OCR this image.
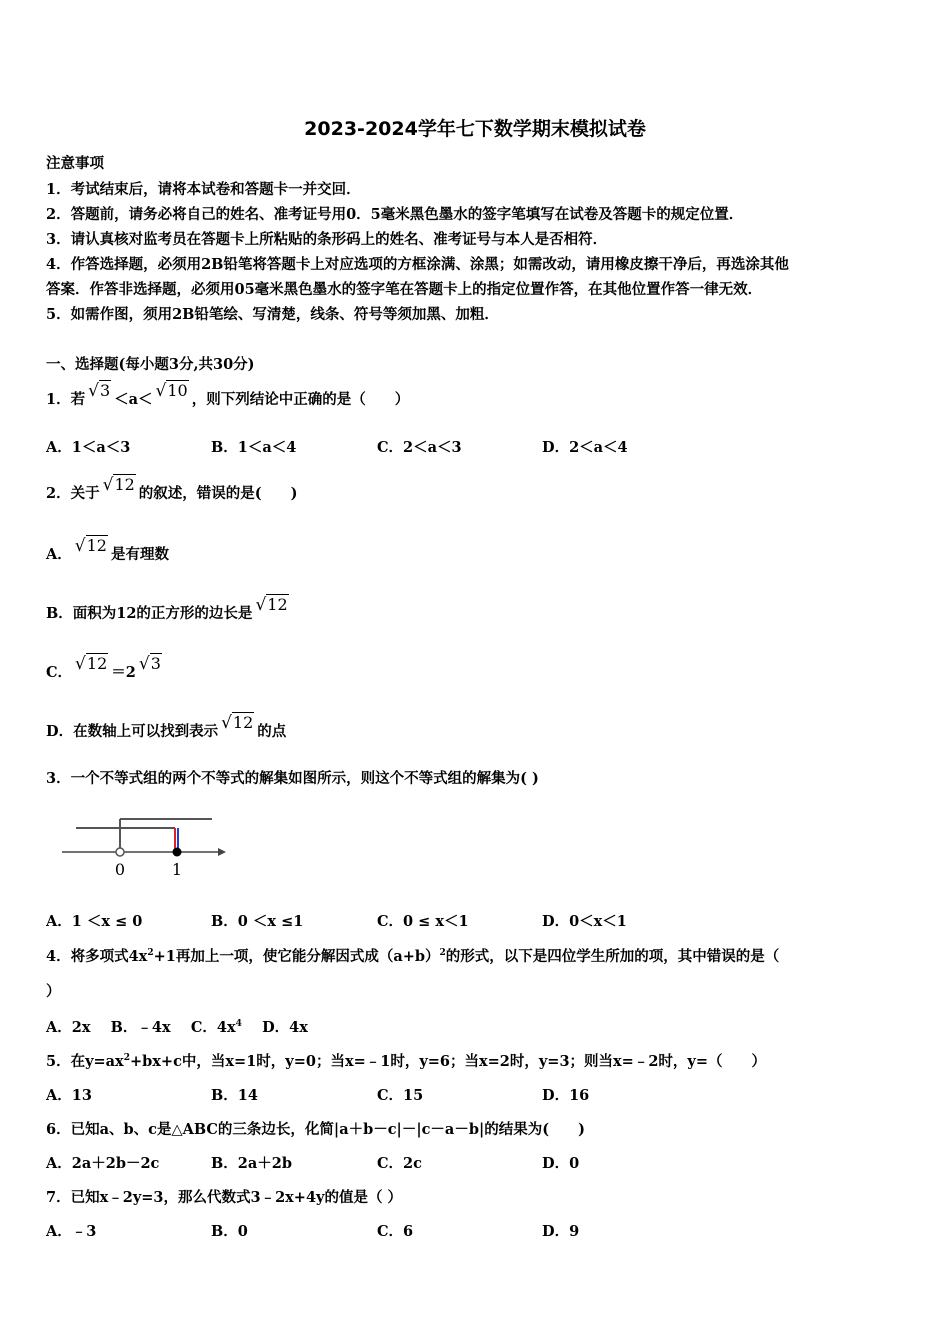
2023-2024学年七下数学期末模拟试卷
注意事项
1．考试结束后，请将本试卷和答题卡一并交回．
2．答题前，请务必将自己的姓名、准考证号用0．5毫米黑色墨水的签字笔填写在试卷及答题卡的规定位置．
3．请认真核对监考员在答题卡上所粘贴的条形码上的姓名、准考证号与本人是否相符．
4．作答选择题，必须用2B铅笔将答题卡上对应选项的方框涂满、涂黑；如需改动，请用橡皮擦干净后，再选涂其他
答案．作答非选择题，必须用05毫米黑色墨水的签字笔在答题卡上的指定位置作答，在其他位置作答一律无效．
5．如需作图，须用2B铅笔绘、写清楚，线条、符号等须加黑、加粗．
一、选择题(每小题3分,共30分)
1．若 √3 ＜a＜ √10 ，则下列结论中正确的是（　　）
A．1＜a＜3	B．1＜a＜4	C．2＜a＜3	D．2＜a＜4
2．关于 √12 的叙述，错误的是(　　)
A． √12 是有理数
B．面积为12的正方形的边长是 √12
C． √12 ＝2 √3
D．在数轴上可以找到表示 √12 的点
3．一个不等式组的两个不等式的解集如图所示，则这个不等式组的解集为( )
0	1
A．1 ＜x ≤ 0	B．0 ＜x ≤1	C．0 ≤ x＜1	D．0＜x＜1
4．将多项式$4x^2+1$再加上一项，使它能分解因式成$(a+b)^2$的形式，以下是四位学生所加的项，其中错误的是（
）
A．2x    B．﹣4x    C．$4x^4$    D．4x
5．在$y=ax^2+bx+c$中，当x=1时，y=0；当x=﹣1时，y=6；当x=2时，y=3；则当x=﹣2时，y=（　　）
A．13	B．14	C．15	D．16
6．已知a、b、c是△ABC的三条边长，化简|a＋b－c|－|c－a－b|的结果为(　　)
A．2a＋2b－2c	B．2a＋2b	C．2c	D．0
7．已知x﹣2y=3，那么代数式3﹣2x+4y的值是（ ）
A．﹣3	B．0	C．6	D．9
